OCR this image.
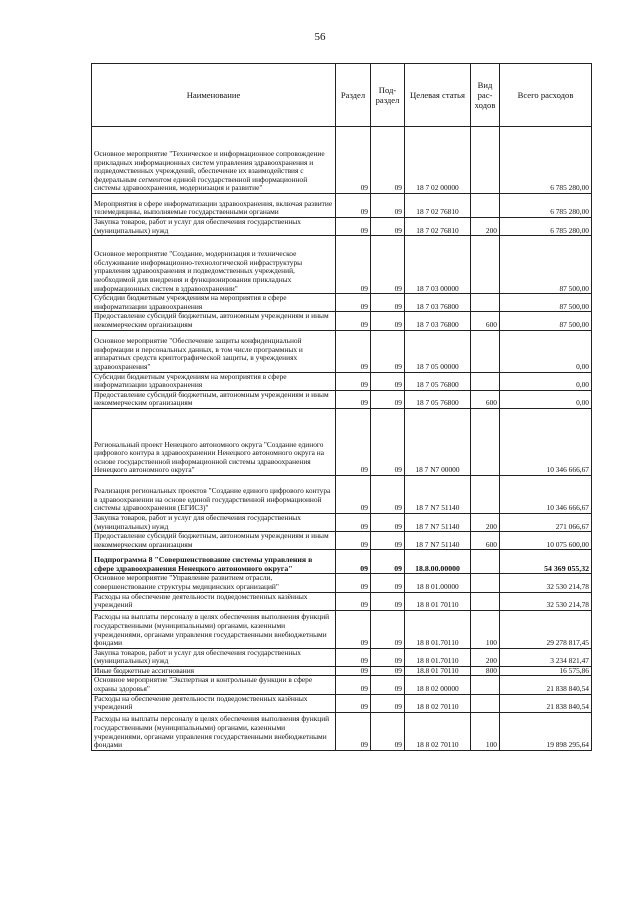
56
Наименование	Раздел	Под-раздел	Целевая статья	Вид рас-ходов	Всего расходов
Основное мероприятие "Техническое и информационное сопровождение прикладных информационных систем управления здравоохранения и подведомственных учреждений, обеспечение их взаимодействия с федеральным сегментом единой государственной информационной системы здравоохранения, модернизация и развитие"	09	09	18 7 02 00000		6 785 280,00
Мероприятия в сфере информатизации здравоохранения, включая развитие телемедицины, выполняемые государственными органами	09	09	18 7 02 76810		6 785 280,00
Закупка товаров, работ и услуг для обеспечения государственных (муниципальных) нужд	09	09	18 7 02 76810	200	6 785 280,00
Основное мероприятие "Создание, модернизация и техническое обслуживание информационно-технологической инфраструктуры управления здравоохранения и подведомственных учреждений, необходимой для внедрения и функционирования прикладных информационных систем в здравоохранении"	09	09	18 7 03 00000		87 500,00
Субсидии бюджетным учреждениям на мероприятия в сфере информатизации здравоохранения	09	09	18 7 03 76800		87 500,00
Предоставление субсидий бюджетным, автономным учреждениям и иным некоммерческим организациям	09	09	18 7 03 76800	600	87 500,00
Основное мероприятие "Обеспечение защиты конфиденциальной информации и персональных данных, в том числе программных и аппаратных средств криптографической защиты, в учреждениях здравоохранения"	09	09	18 7 05 00000		0,00
Субсидии бюджетным учреждениям на мероприятия в сфере информатизации здравоохранения	09	09	18 7 05 76800		0,00
Предоставление субсидий бюджетным, автономным учреждениям и иным некоммерческим организациям	09	09	18 7 05 76800	600	0,00
Региональный проект Ненецкого автономного округа "Создание единого цифрового контура в здравоохранении Ненецкого автономного округа на основе государственной информационной системы здравоохранения Ненецкого автономного округа"	09	09	18 7 N7 00000		10 346 666,67
Реализация региональных проектов "Создание единого цифрового контура в здравоохранении на основе единой государственной информационной системы здравоохранения (ЕГИСЗ)"	09	09	18 7 N7 51140		10 346 666,67
Закупка товаров, работ и услуг для обеспечения государственных (муниципальных) нужд	09	09	18 7 N7 51140	200	271 066,67
Предоставление субсидий бюджетным, автономным учреждениям и иным некоммерческим организациям	09	09	18 7 N7 51140	600	10 075 600,00
Подпрограмма 8 "Совершенствование системы управления в сфере здравоохранения Ненецкого автономного округа"	09	09	18.8.00.00000		54 369 055,32
Основное мероприятие "Управление развитием отрасли, совершенствование структуры медицинских организаций"	09	09	18 8 01.00000		32 530 214,78
Расходы на обеспечение деятельности подведомственных казённых учреждений	09	09	18 8 01 70110		32 530 214,78
Расходы на выплаты персоналу в целях обеспечения выполнения функций государственными (муниципальными) органами, казенными учреждениями, органами управления государственными внебюджетными фондами	09	09	18 8 01.70110	100	29 278 817,45
Закупка товаров, работ и услуг для обеспечения государственных (муниципальных) нужд	09	09	18 8 01.70110	200	3 234 821,47
Иные бюджетные ассигнования	09	09	18.8 01 70110	800	16 575,86
Основное мероприятие "Экспертная и контрольные функции в сфере охраны здоровья"	09	09	18 8 02 00000		21 838 840,54
Расходы на обеспечение деятельности подведомственных казённых учреждений	09	09	18 8 02 70110		21 838 840,54
Расходы на выплаты персоналу в целях обеспечения выполнения функций государственными (муниципальными) органами, казенными учреждениями, органами управления государственными внебюджетными фондами	09	09	18 8 02 70110	100	19 898 295,64
